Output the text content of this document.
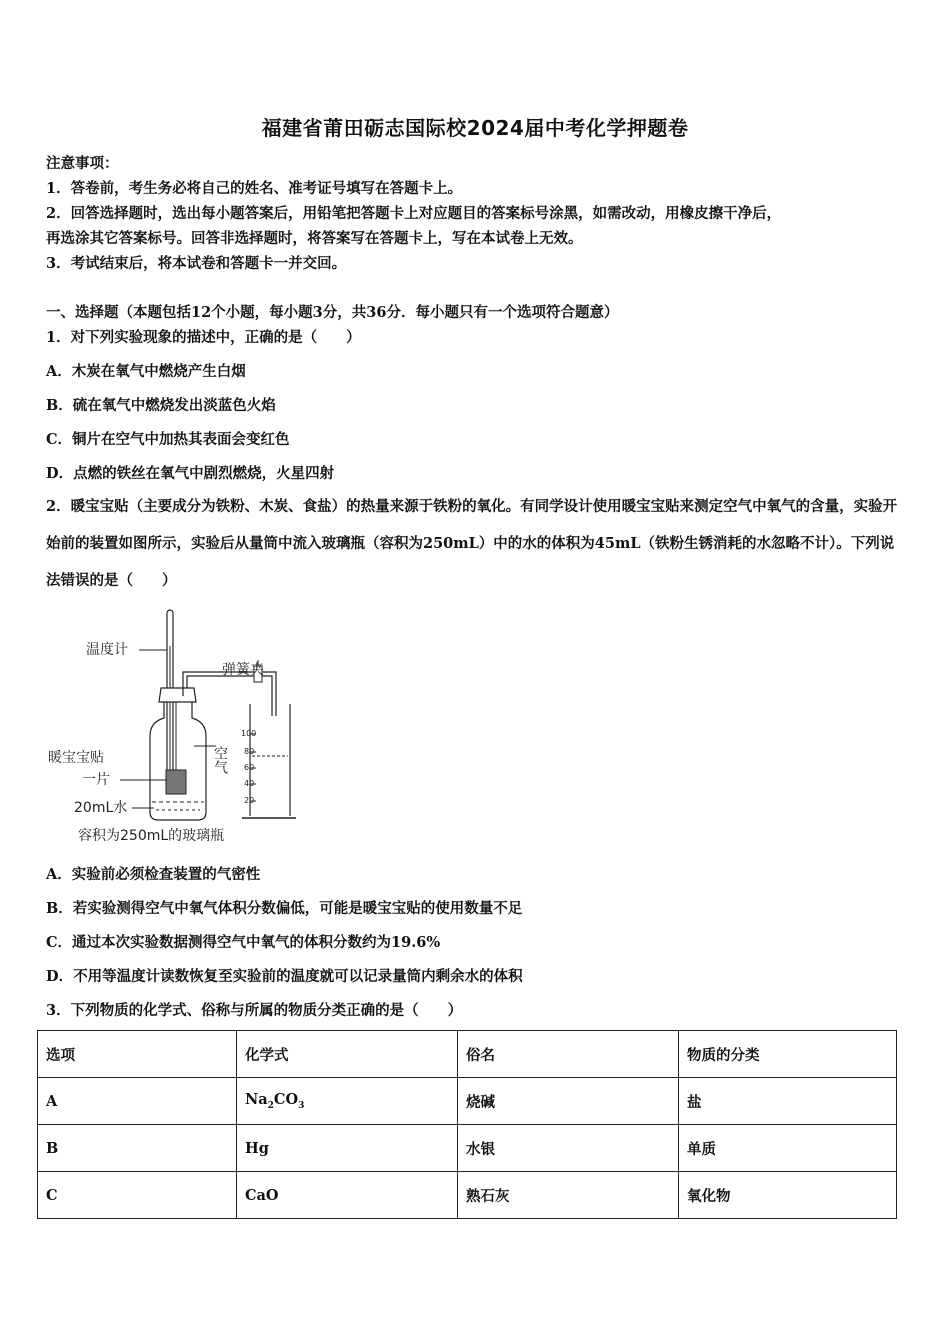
福建省莆田砺志国际校2024届中考化学押题卷
注意事项：
1．答卷前，考生务必将自己的姓名、准考证号填写在答题卡上。
2．回答选择题时，选出每小题答案后，用铅笔把答题卡上对应题目的答案标号涂黑，如需改动，用橡皮擦干净后，
再选涂其它答案标号。回答非选择题时，将答案写在答题卡上，写在本试卷上无效。
3．考试结束后，将本试卷和答题卡一并交回。
一、选择题（本题包括12个小题，每小题3分，共36分．每小题只有一个选项符合题意）
1．对下列实验现象的描述中，正确的是（　　）
A．木炭在氧气中燃烧产生白烟
B．硫在氧气中燃烧发出淡蓝色火焰
C．铜片在空气中加热其表面会变红色
D．点燃的铁丝在氧气中剧烈燃烧，火星四射
2．暖宝宝贴（主要成分为铁粉、木炭、食盐）的热量来源于铁粉的氧化。有同学设计使用暖宝宝贴来测定空气中氧气的含量，实验开始前的装置如图所示，实验后从量筒中流入玻璃瓶（容积为250mL）中的水的体积为45mL（铁粉生锈消耗的水忽略不计）。下列说法错误的是（　　）
温度计
弹簧夹
100
80
60
40
20
空气
暖宝宝贴
一片
20mL水
容积为250mL的玻璃瓶
A．实验前必须检查装置的气密性
B．若实验测得空气中氧气体积分数偏低，可能是暖宝宝贴的使用数量不足
C．通过本次实验数据测得空气中氧气的体积分数约为19.6%
D．不用等温度计读数恢复至实验前的温度就可以记录量筒内剩余水的体积
3．下列物质的化学式、俗称与所属的物质分类正确的是（　　）
选项	化学式	俗名	物质的分类
A	$Na_2CO_3$	烧碱	盐
B	Hg	水银	单质
C	CaO	熟石灰	氧化物
